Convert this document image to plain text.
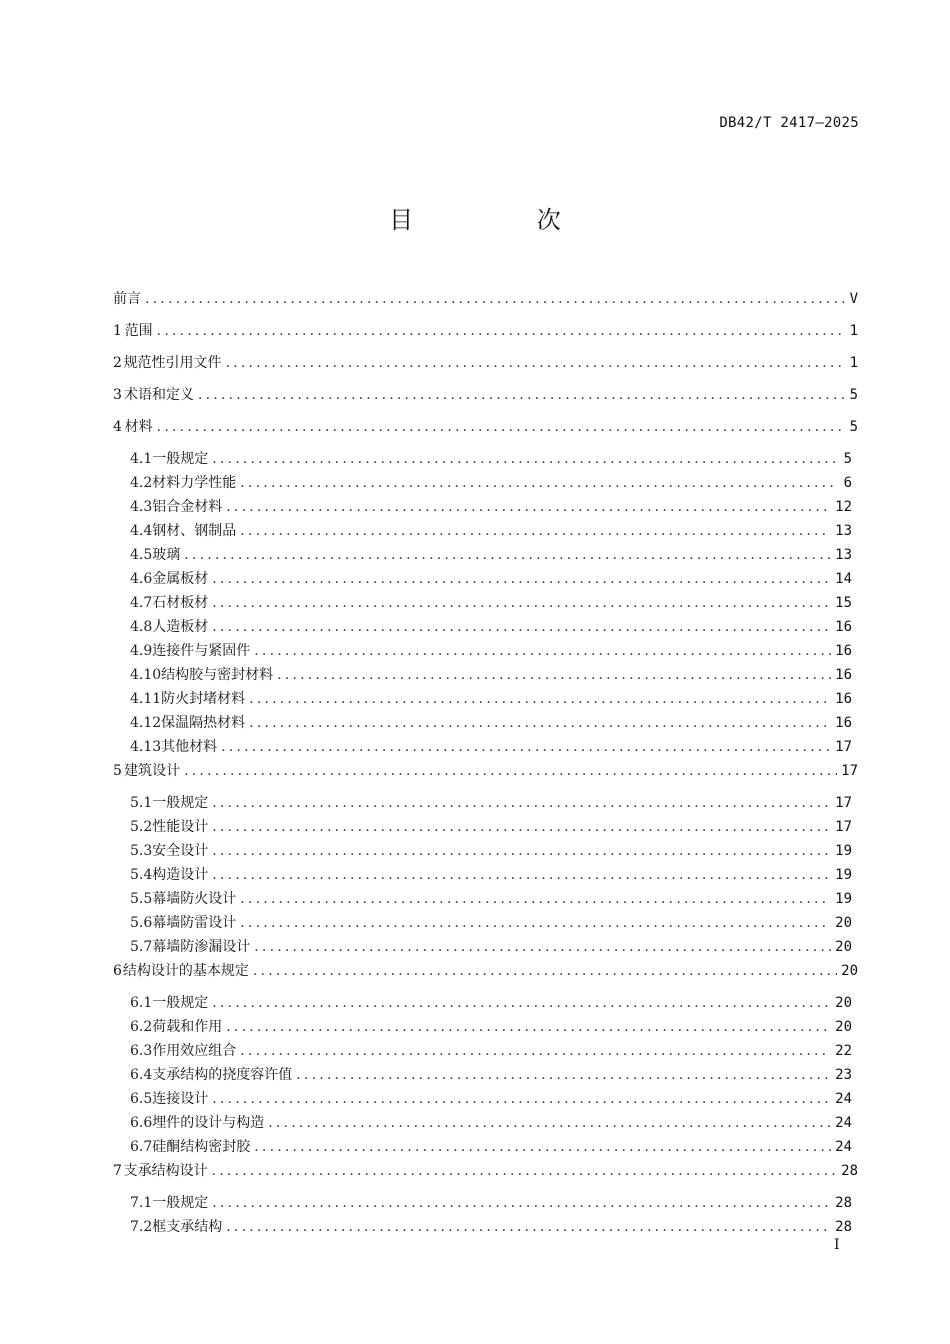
DB42/T 2417—2025
目 次
前言 .....	V
1 范围 .....	1
2 规范性引用文件 .....	1
3 术语和定义 .....	5
4 材料 .....	5
4.1 一般规定 .....	5
4.2 材料力学性能 .....	6
4.3 铝合金材料 .....	12
4.4 钢材、钢制品 .....	13
4.5 玻璃 .....	13
4.6 金属板材 .....	14
4.7 石材板材 .....	15
4.8 人造板材 .....	16
4.9 连接件与紧固件 .....	16
4.10 结构胶与密封材料 .....	16
4.11 防火封堵材料 .....	16
4.12 保温隔热材料 .....	16
4.13 其他材料 .....	17
5 建筑设计 .....	17
5.1 一般规定 .....	17
5.2 性能设计 .....	17
5.3 安全设计 .....	19
5.4 构造设计 .....	19
5.5 幕墙防火设计 .....	19
5.6 幕墙防雷设计 .....	20
5.7 幕墙防渗漏设计 .....	20
6 结构设计的基本规定 .....	20
6.1 一般规定 .....	20
6.2 荷载和作用 .....	20
6.3 作用效应组合 .....	22
6.4 支承结构的挠度容许值 .....	23
6.5 连接设计 .....	24
6.6 埋件的设计与构造 .....	24
6.7 硅酮结构密封胶 .....	24
7 支承结构设计 .....	28
7.1 一般规定 .....	28
7.2 框支承结构 .....	28
I
